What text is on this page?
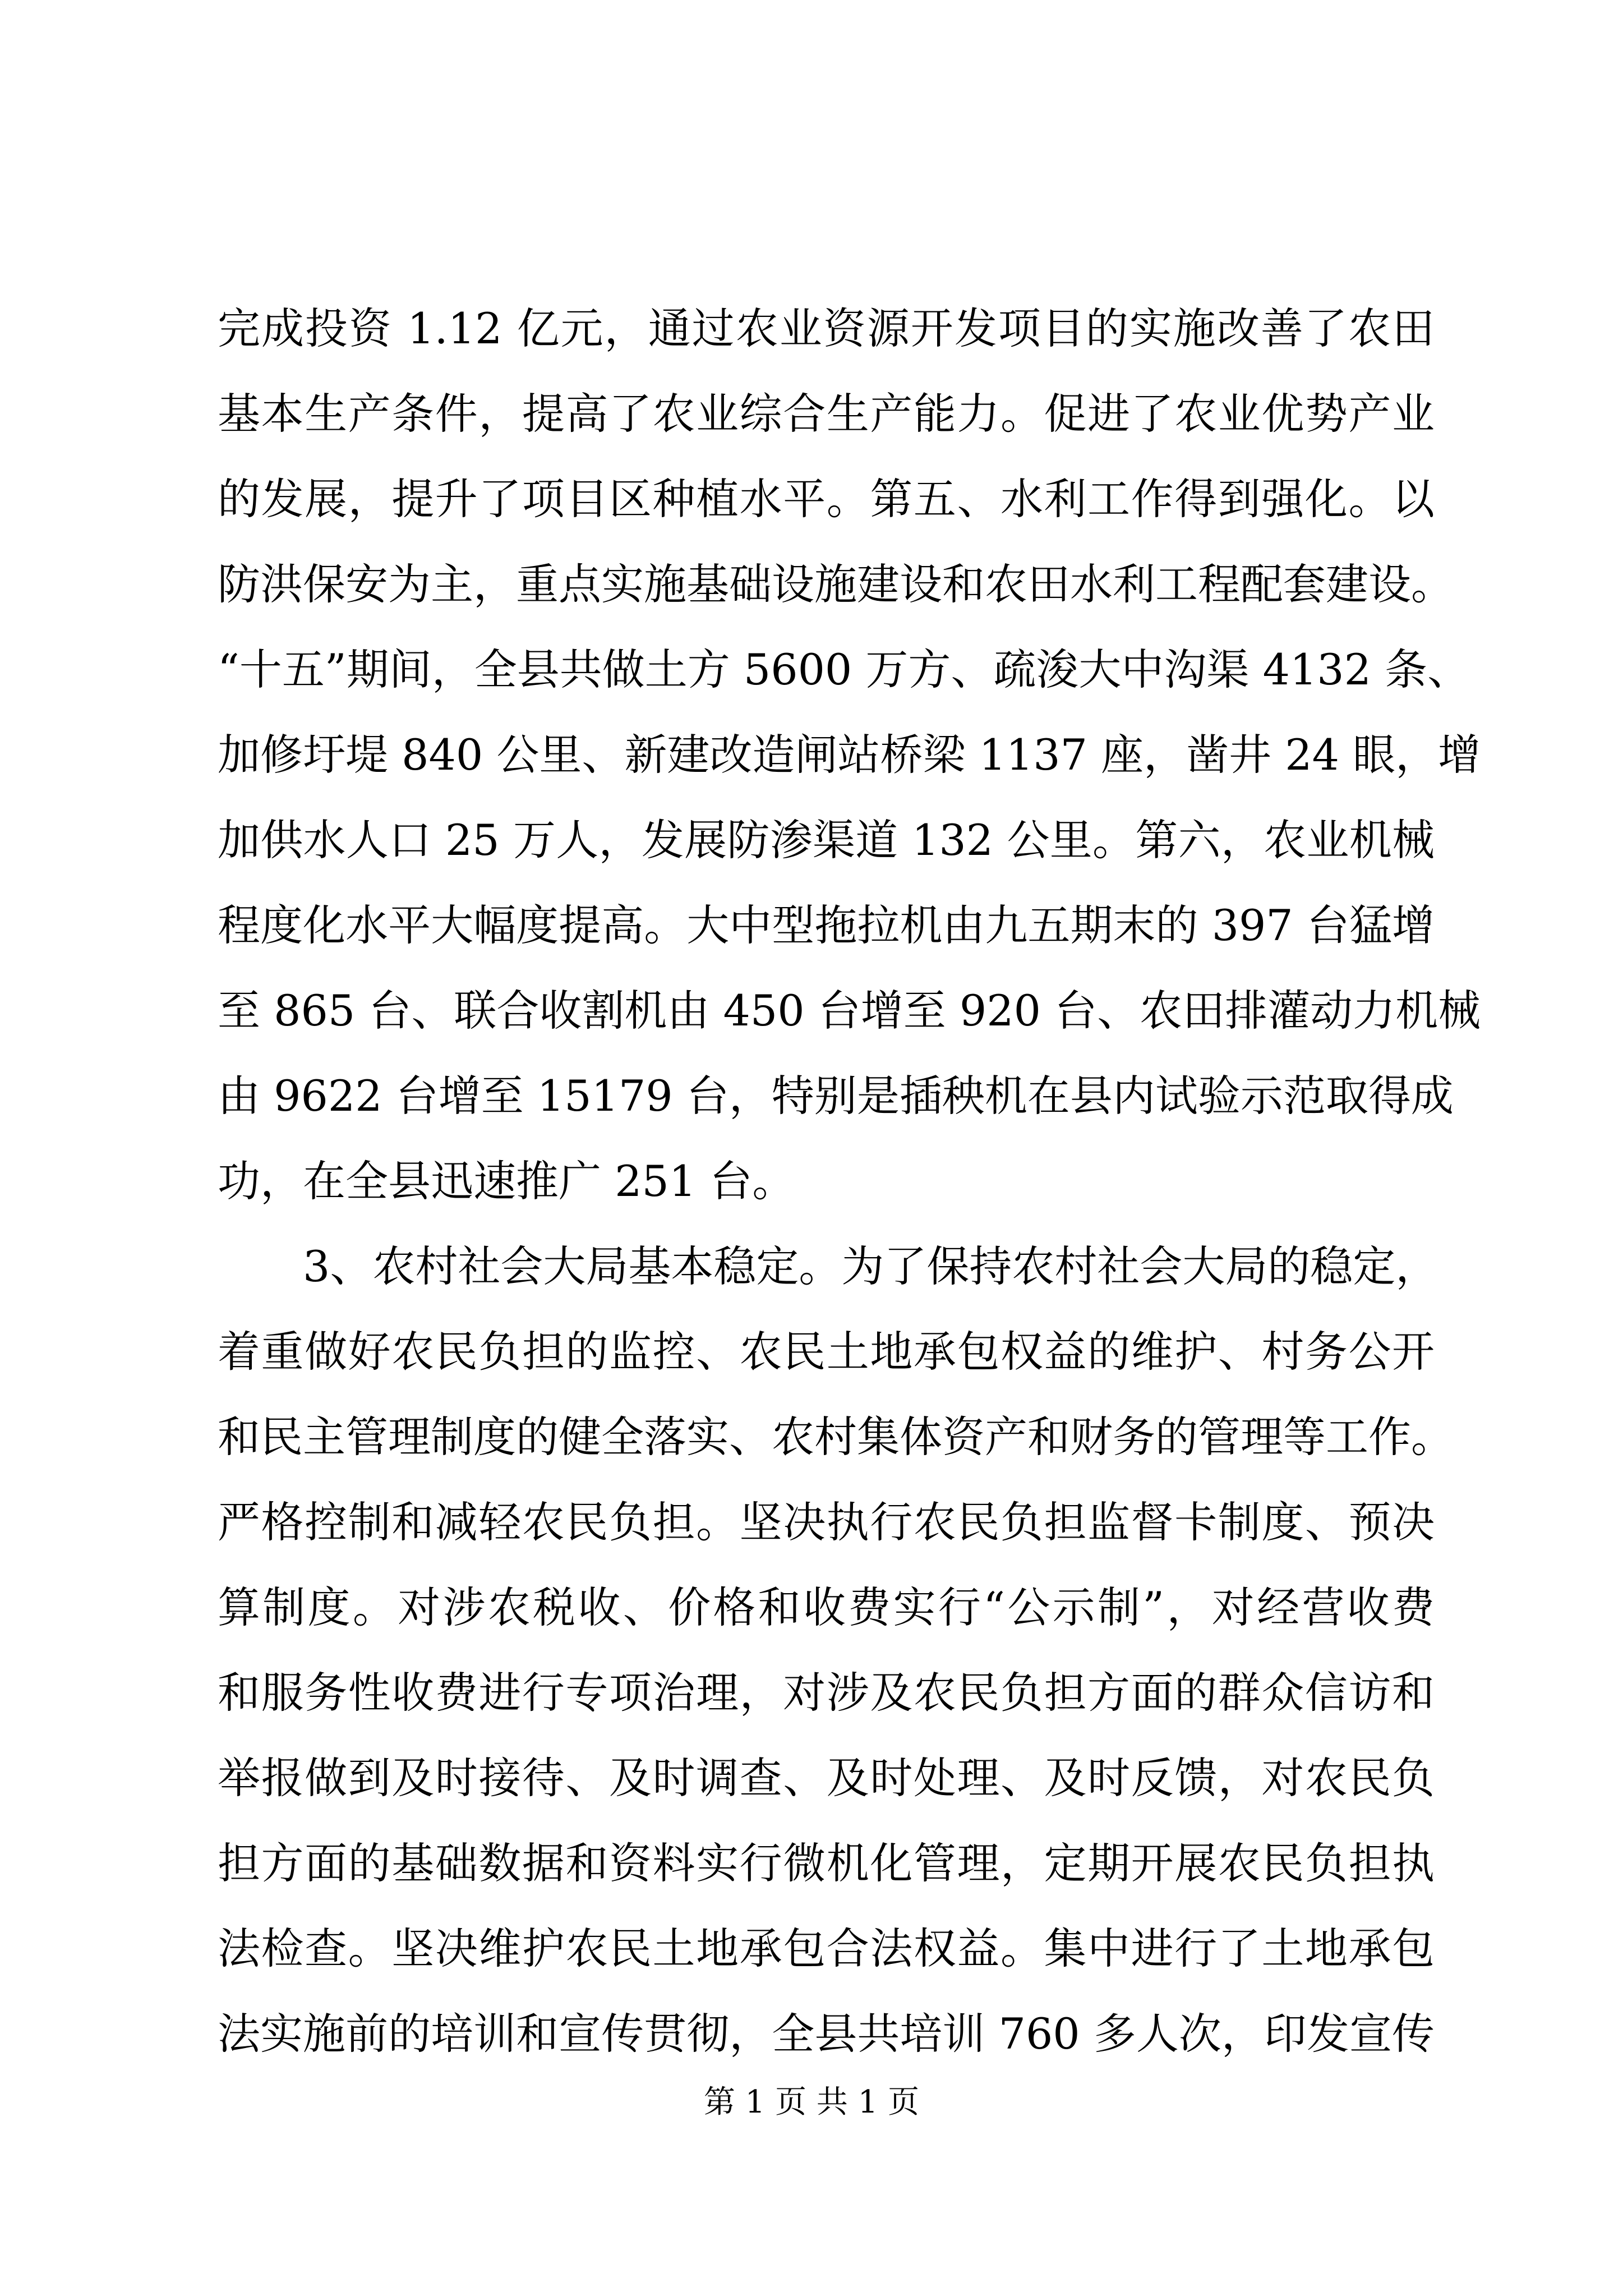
完成投资 1.12 亿元，通过农业资源开发项目的实施改善了农田
基本生产条件，提高了农业综合生产能力。促进了农业优势产业
的发展，提升了项目区种植水平。第五、水利工作得到强化。以
防洪保安为主，重点实施基础设施建设和农田水利工程配套建设。
“十五”期间，全县共做土方 5600 万方、疏浚大中沟渠 4132 条、
加修圩堤 840 公里、新建改造闸站桥梁 1137 座，凿井 24 眼，增
加供水人口 25 万人，发展防渗渠道 132 公里。第六，农业机械
程度化水平大幅度提高。大中型拖拉机由九五期末的 397 台猛增
至 865 台、联合收割机由 450 台增至 920 台、农田排灌动力机械
由 9622 台增至 15179 台，特别是插秧机在县内试验示范取得成
功，在全县迅速推广 251 台。
3、农村社会大局基本稳定。为了保持农村社会大局的稳定，
着重做好农民负担的监控、农民土地承包权益的维护、村务公开
和民主管理制度的健全落实、农村集体资产和财务的管理等工作。
严格控制和减轻农民负担。坚决执行农民负担监督卡制度、预决
算制度。对涉农税收、价格和收费实行“公示制”，对经营收费
和服务性收费进行专项治理，对涉及农民负担方面的群众信访和
举报做到及时接待、及时调查、及时处理、及时反馈，对农民负
担方面的基础数据和资料实行微机化管理，定期开展农民负担执
法检查。坚决维护农民土地承包合法权益。集中进行了土地承包
法实施前的培训和宣传贯彻，全县共培训 760 多人次，印发宣传
第 1 页 共 1 页
